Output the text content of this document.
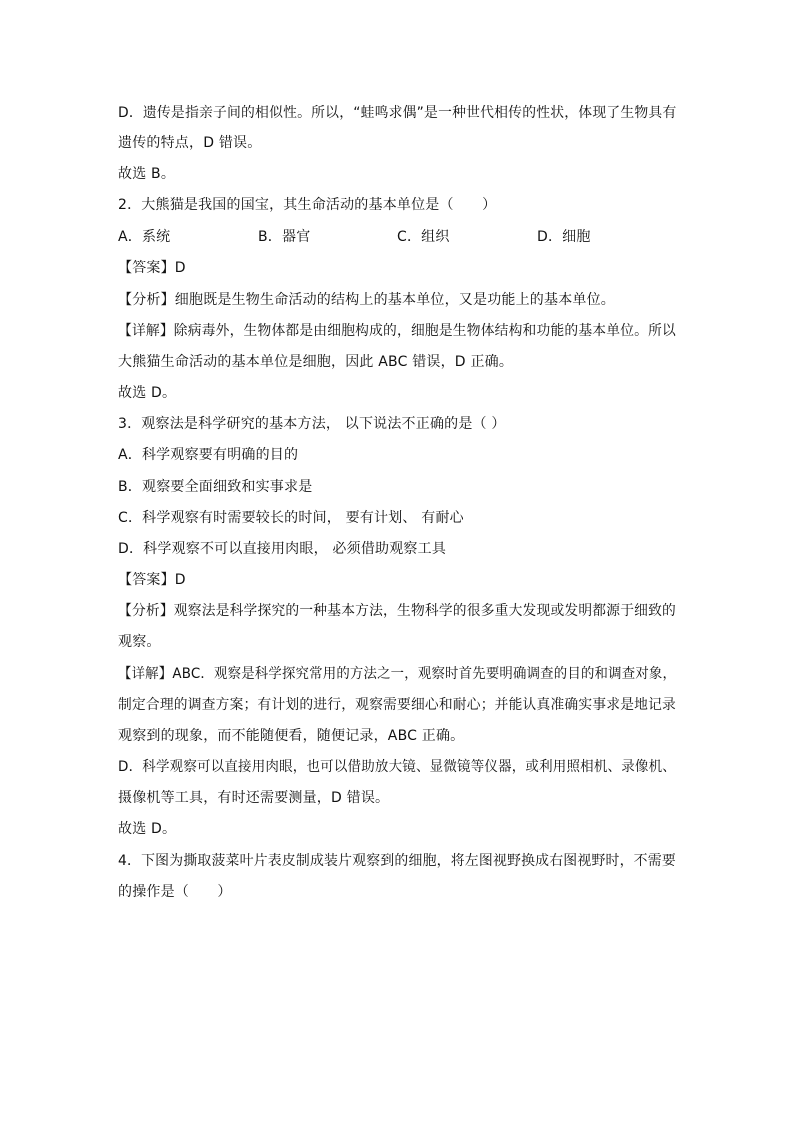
D．遗传是指亲子间的相似性。所以，“蛙鸣求偶”是一种世代相传的性状，体现了生物具有
遗传的特点，D 错误。
故选 B。
2．大熊猫是我国的国宝，其生命活动的基本单位是（　　）
A．系统	B．器官	C．组织	D．细胞
【答案】D
【分析】细胞既是生物生命活动的结构上的基本单位，又是功能上的基本单位。
【详解】除病毒外，生物体都是由细胞构成的，细胞是生物体结构和功能的基本单位。所以
大熊猫生命活动的基本单位是细胞，因此 ABC 错误，D 正确。
故选 D。
3．观察法是科学研究的基本方法， 以下说法不正确的是（ ）
A．科学观察要有明确的目的
B．观察要全面细致和实事求是
C．科学观察有时需要较长的时间， 要有计划、 有耐心
D．科学观察不可以直接用肉眼， 必须借助观察工具
【答案】D
【分析】观察法是科学探究的一种基本方法，生物科学的很多重大发现或发明都源于细致的
观察。
【详解】ABC．观察是科学探究常用的方法之一，观察时首先要明确调查的目的和调查对象，
制定合理的调查方案；有计划的进行，观察需要细心和耐心；并能认真准确实事求是地记录
观察到的现象，而不能随便看，随便记录，ABC 正确。
D．科学观察可以直接用肉眼，也可以借助放大镜、显微镜等仪器，或利用照相机、录像机、
摄像机等工具，有时还需要测量，D 错误。
故选 D。
4．下图为撕取菠菜叶片表皮制成装片观察到的细胞，将左图视野换成右图视野时，不需要
的操作是（　　）
